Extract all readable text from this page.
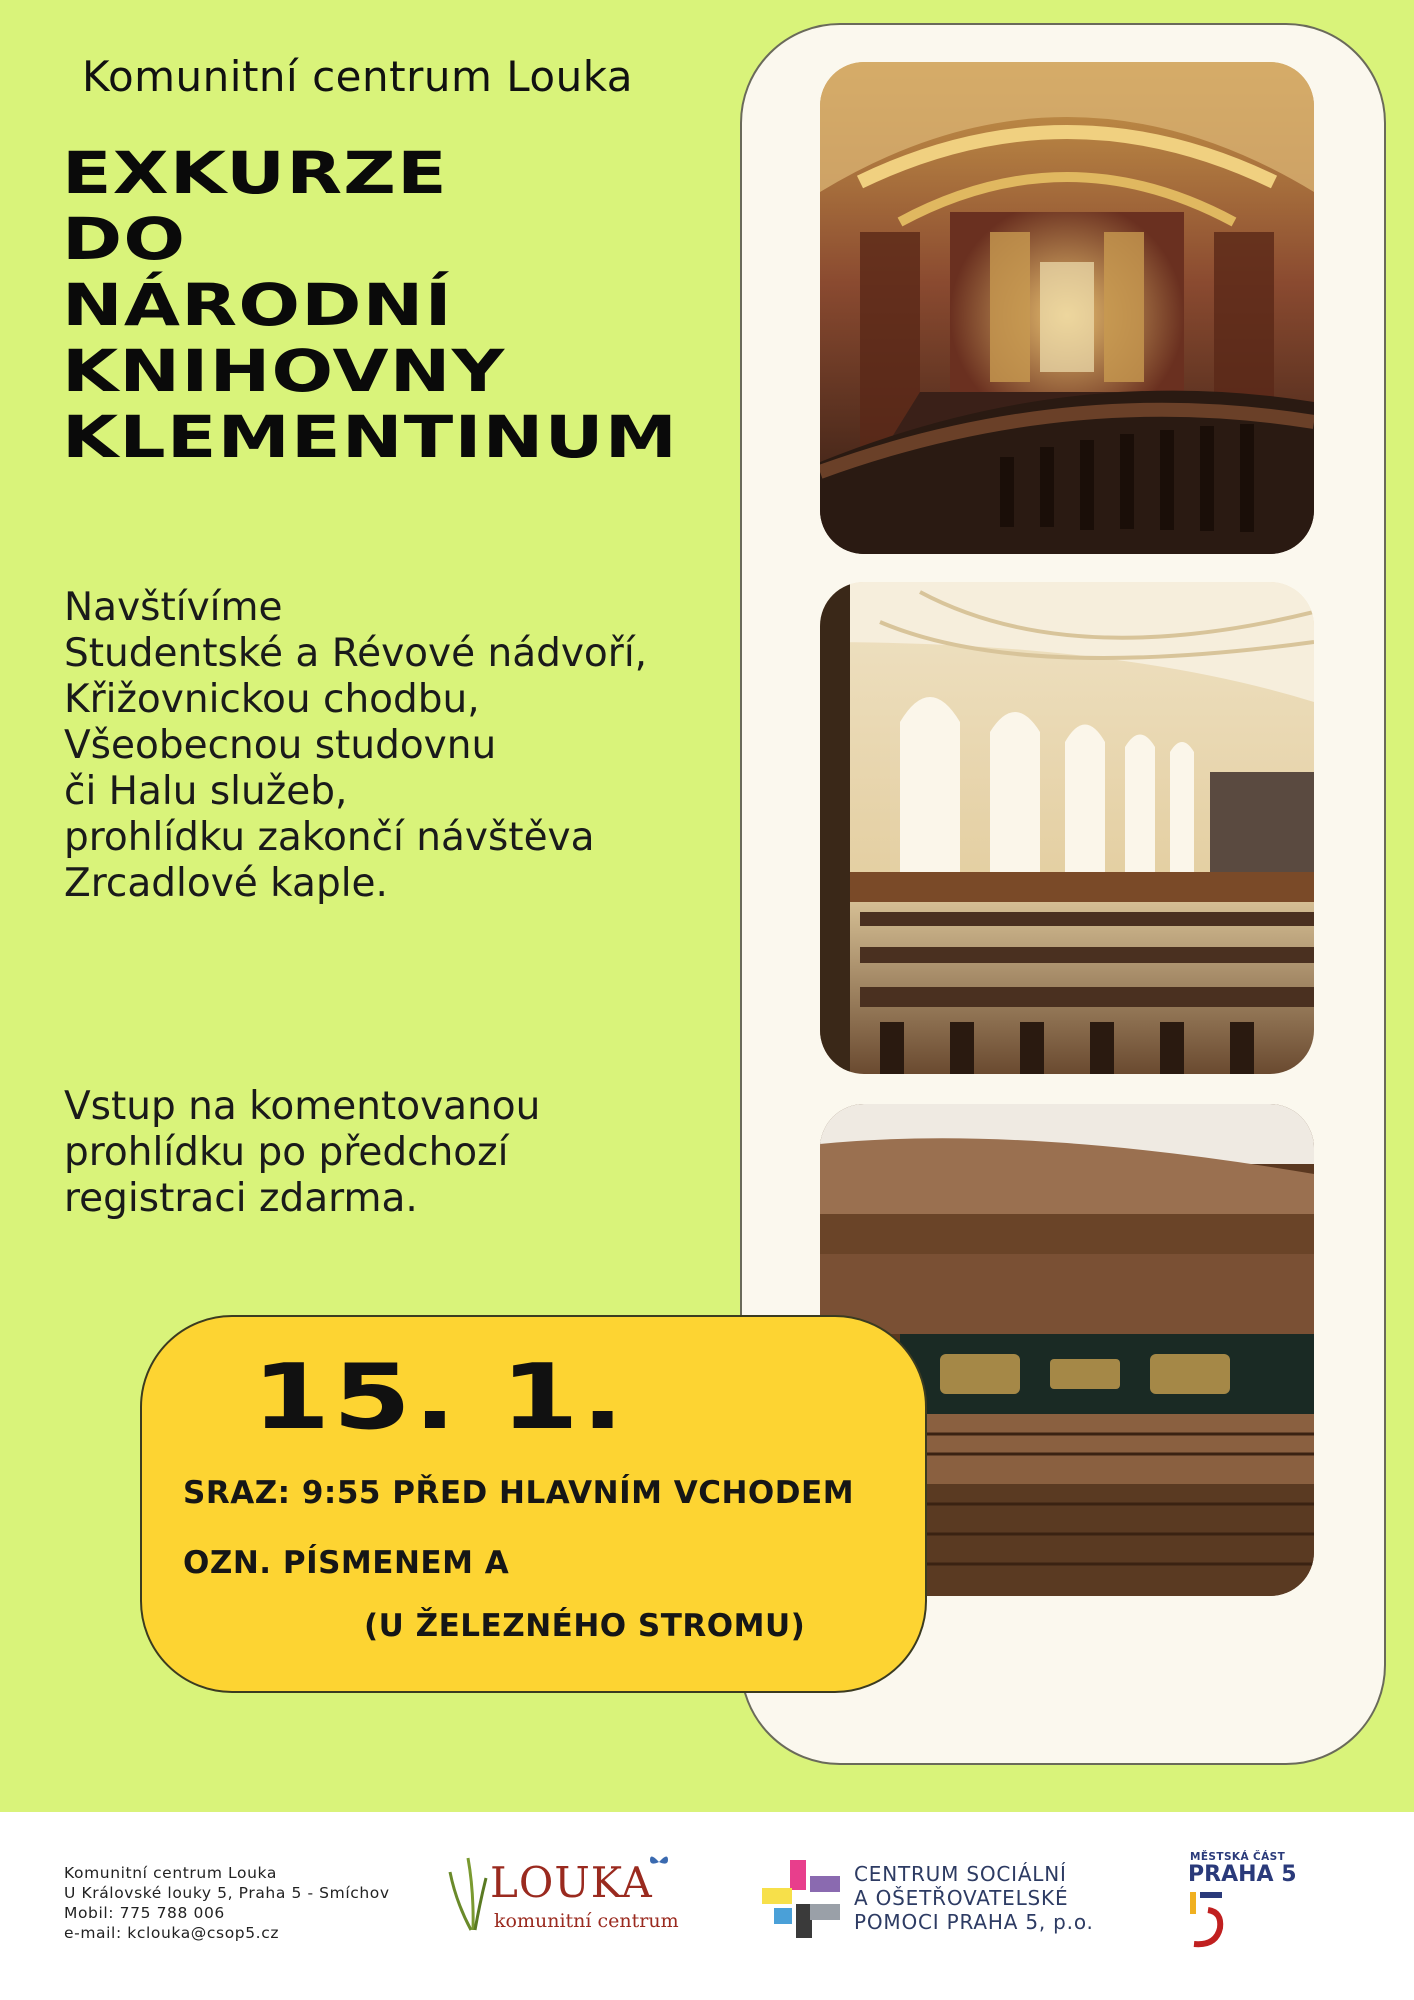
Komunitní centrum Louka
EXKURZE
DO
NÁRODNÍ
KNIHOVNY
KLEMENTINUM
Navštívíme
Studentské a Révové nádvoří,
Křižovnickou chodbu,
Všeobecnou studovnu
či Halu služeb,
prohlídku zakončí návštěva
Zrcadlové kaple.
Vstup na komentovanou
prohlídku po předchozí
registraci zdarma.
15. 1.
SRAZ: 9:55 PŘED HLAVNÍM VCHODEM
OZN. PÍSMENEM A
(U ŽELEZNÉHO STROMU)
Komunitní centrum Louka
U Královské louky 5, Praha 5 - Smíchov
Mobil: 775 788 006
e-mail: kclouka@csop5.cz
LOUKA
komunitní centrum
CENTRUM SOCIÁLNÍ
A OŠETŘOVATELSKÉ
POMOCI PRAHA 5, p.o.
MĚSTSKÁ ČÁST
PRAHA 5
